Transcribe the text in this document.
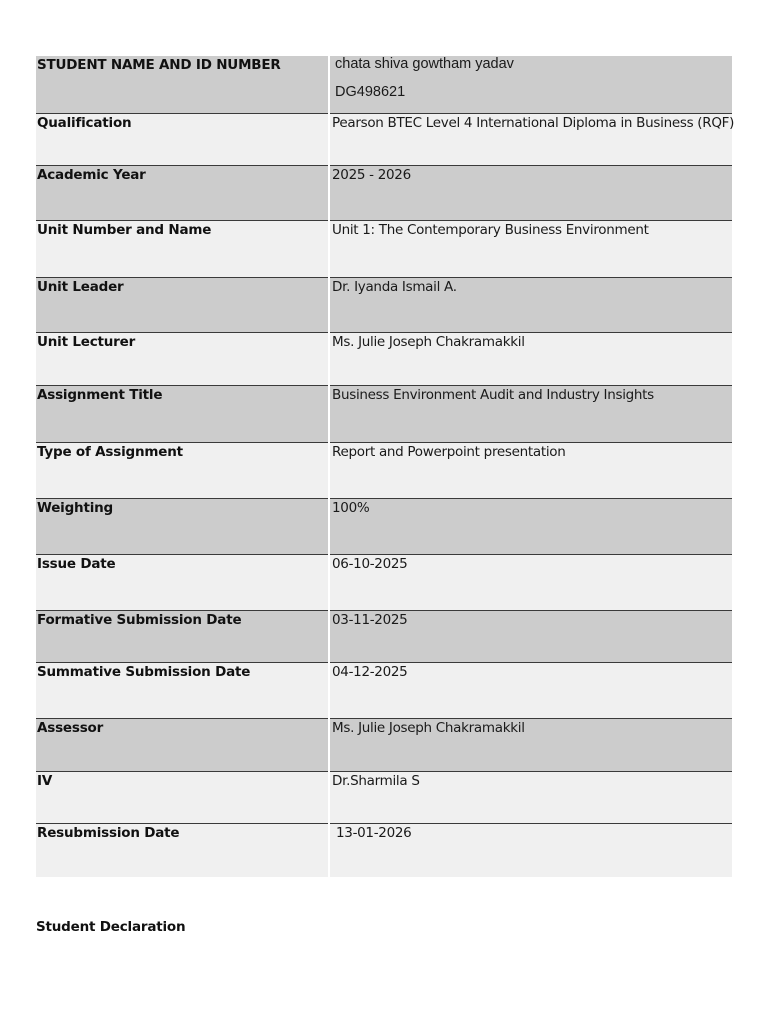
STUDENT NAME AND ID NUMBER	chata shiva gowtham yadav
DG498621
Qualification	Pearson BTEC Level 4 International Diploma in Business (RQF)
Academic Year	2025 - 2026
Unit Number and Name	Unit 1: The Contemporary Business Environment
Unit Leader	Dr. Iyanda Ismail A.
Unit Lecturer	Ms. Julie Joseph Chakramakkil
Assignment Title	Business Environment Audit and Industry Insights
Type of Assignment	Report and Powerpoint presentation
Weighting	100%
Issue Date	06-10-2025
Formative Submission Date	03-11-2025
Summative Submission Date	04-12-2025
Assessor	Ms. Julie Joseph Chakramakkil
IV	Dr.Sharmila S
Resubmission Date	13-01-2026
Student Declaration
